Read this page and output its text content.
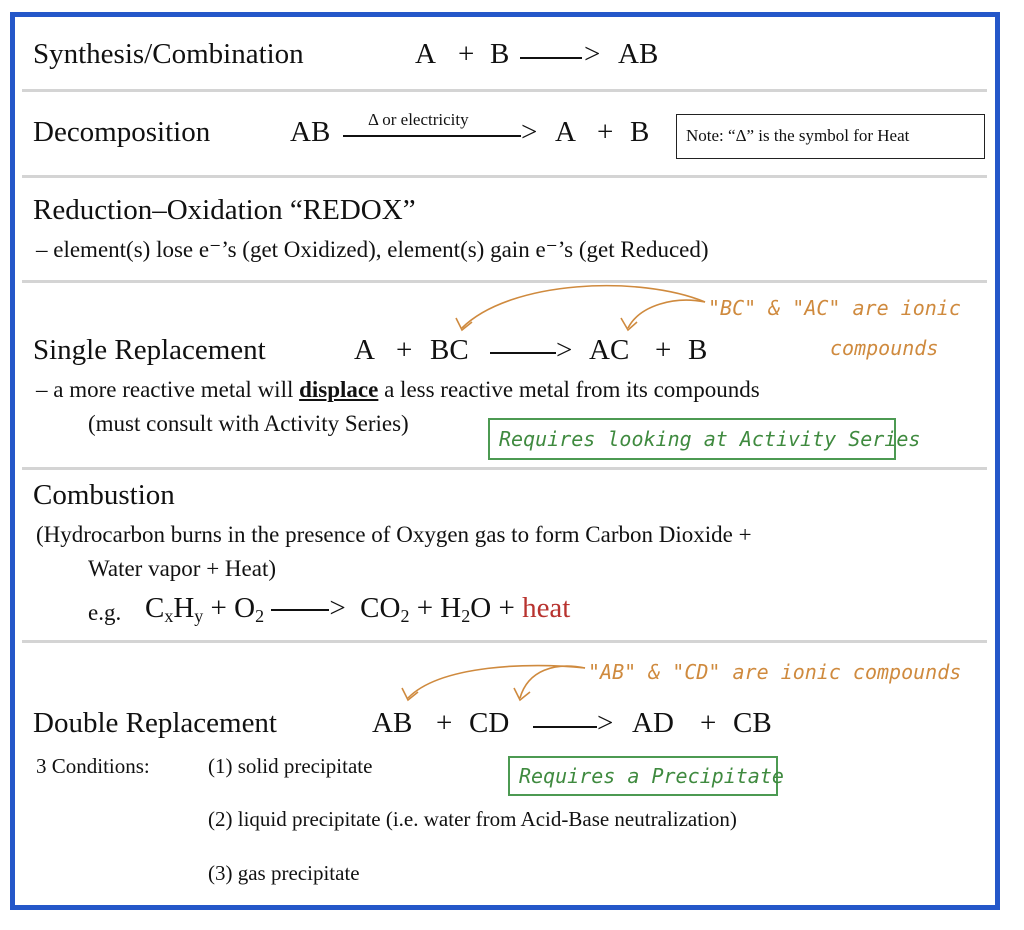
Synthesis/Combination	A + B	> AB
Decomposition	AB Δ or electricity > A + B Note: “Δ” is the symbol for Heat
Reduction–Oxidation “REDOX”
– element(s) lose e⁻’s (get Oxidized), element(s) gain e⁻’s (get Reduced)
"BC" & "AC" are ionic
compounds
Single Replacement	A + BC	> AC + B
– a more reactive metal will displace a less reactive metal from its compounds
(must consult with Activity Series)
Requires looking at Activity Series
Combustion
(Hydrocarbon burns in the presence of Oxygen gas to form Carbon Dioxide +
Water vapor + Heat)
e.g. $C_xH_y + O_2 > CO_2 + H_2O$ + heat
"AB" & "CD" are ionic compounds
Double Replacement	AB + CD	> AD + CB
3 Conditions:	(1) solid precipitate	Requires a Precipitate
(2) liquid precipitate (i.e. water from Acid-Base neutralization)
(3) gas precipitate
